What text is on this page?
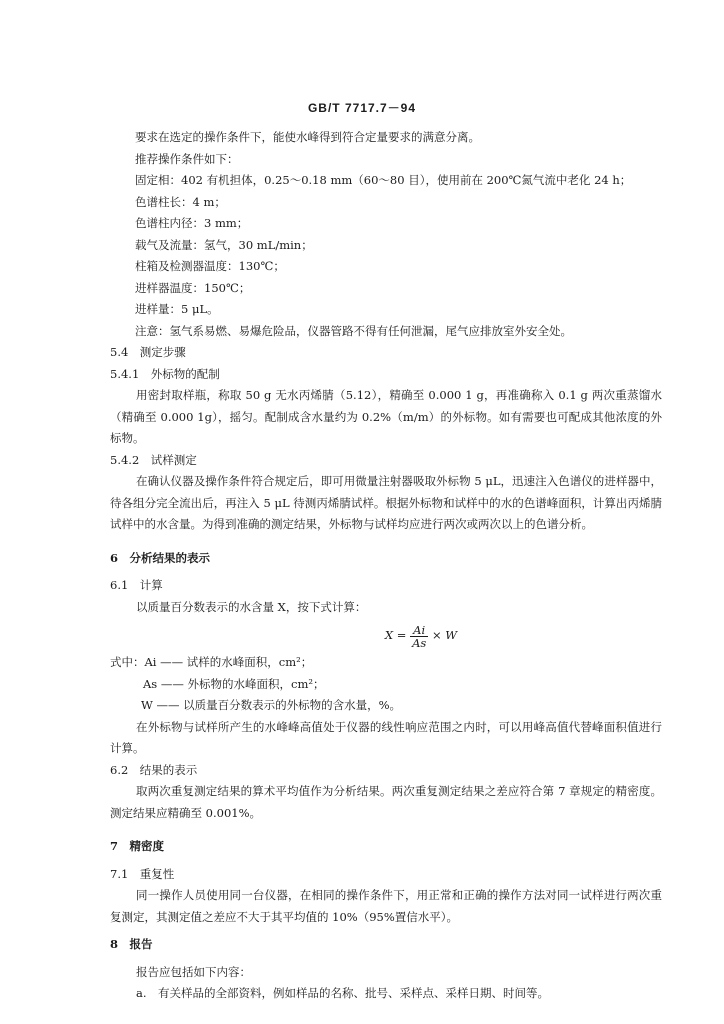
GB/T 7717.7－94

要求在选定的操作条件下，能使水峰得到符合定量要求的满意分离。

推荐操作条件如下：

固定相：402 有机担体，0.25～0.18 mm（60～80 目），使用前在 200℃氮气流中老化 24 h；

色谱柱长：4 m；

色谱柱内径：3 mm；

载气及流量：氢气，30 mL/min；

柱箱及检测器温度：130℃；

进样器温度：150℃；

进样量：5 μL。

注意：氢气系易燃、易爆危险品，仪器管路不得有任何泄漏，尾气应排放室外安全处。

5.4　测定步骤

5.4.1　外标物的配制

用密封取样瓶，称取 50 g 无水丙烯腈（5.12），精确至 0.000 1 g，再准确称入 0.1 g 两次重蒸馏水（精确至 0.000 1g），摇匀。配制成含水量约为 0.2%（m/m）的外标物。如有需要也可配成其他浓度的外标物。

5.4.2　试样测定

在确认仪器及操作条件符合规定后，即可用微量注射器吸取外标物 5 μL，迅速注入色谱仪的进样器中，待各组分完全流出后，再注入 5 μL 待测丙烯腈试样。根据外标物和试样中的水的色谱峰面积，计算出丙烯腈试样中的水含量。为得到准确的测定结果，外标物与试样均应进行两次或两次以上的色谱分析。

6　分析结果的表示

6.1　计算

以质量百分数表示的水含量 X，按下式计算：

$X = \frac{Ai}{As} \times W$

式中：Ai —— 试样的水峰面积，cm²；

As —— 外标物的水峰面积，cm²；

W —— 以质量百分数表示的外标物的含水量，%。

在外标物与试样所产生的水峰峰高值处于仪器的线性响应范围之内时，可以用峰高值代替峰面积值进行计算。

6.2　结果的表示

取两次重复测定结果的算术平均值作为分析结果。两次重复测定结果之差应符合第 7 章规定的精密度。测定结果应精确至 0.001%。

7　精密度

7.1　重复性

同一操作人员使用同一台仪器，在相同的操作条件下，用正常和正确的操作方法对同一试样进行两次重复测定，其测定值之差应不大于其平均值的 10%（95%置信水平）。

8　报告

报告应包括如下内容：

a.　有关样品的全部资料，例如样品的名称、批号、采样点、采样日期、时间等。
